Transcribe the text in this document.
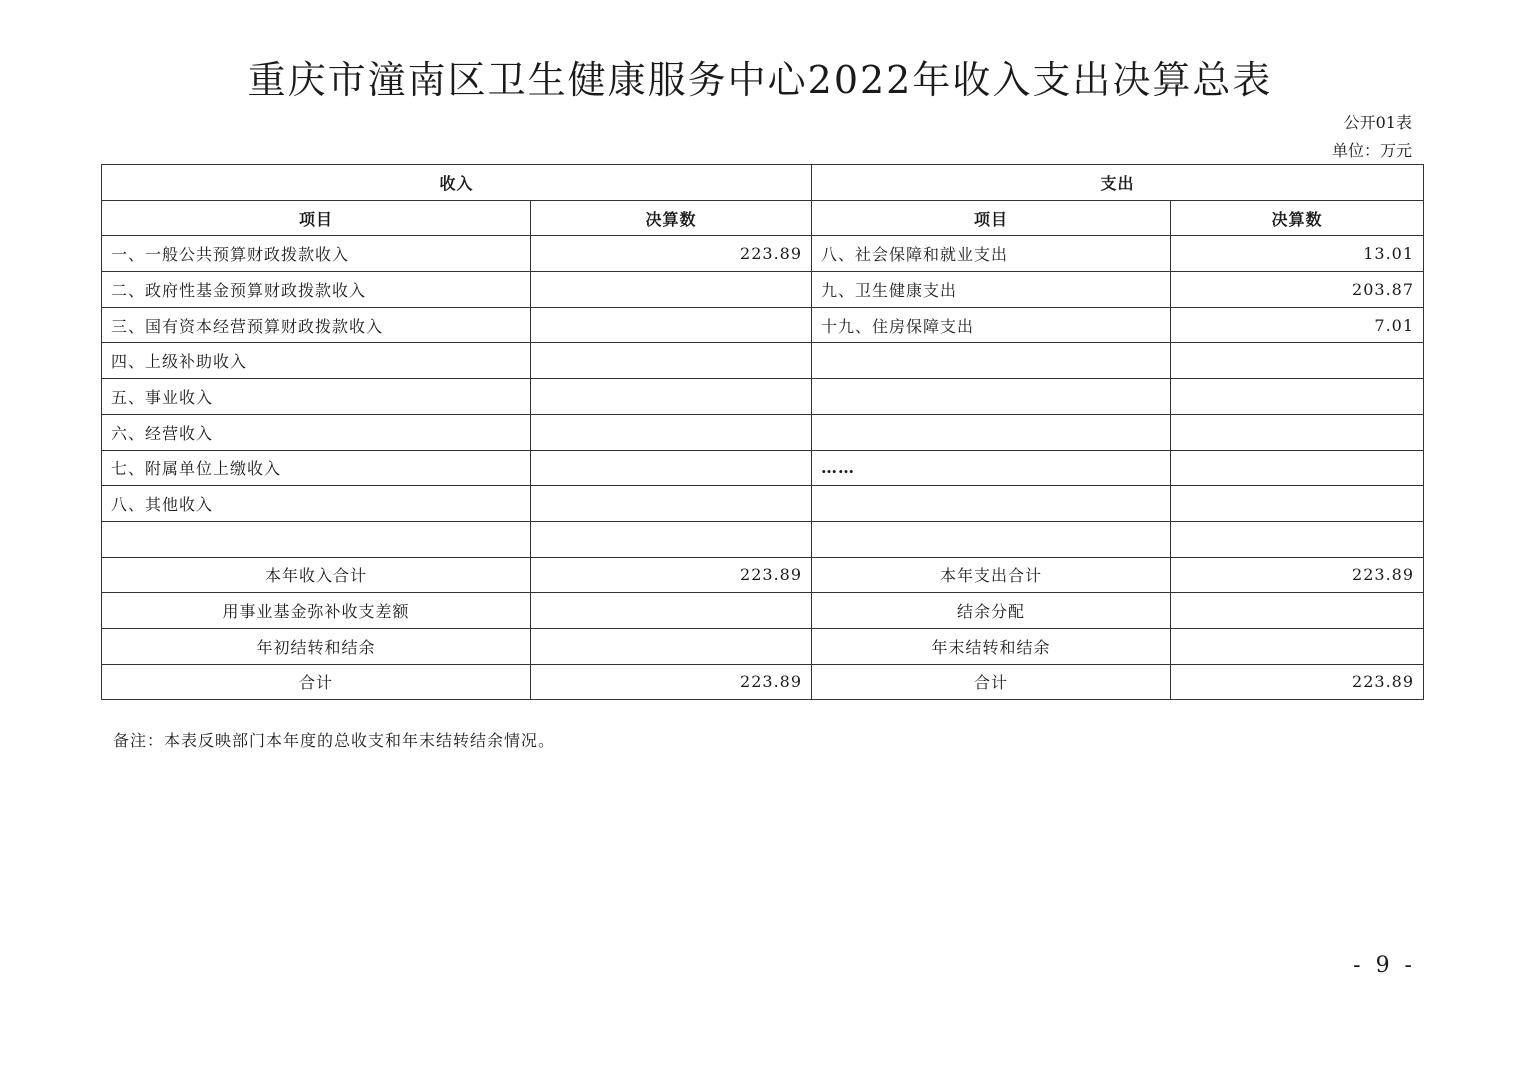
重庆市潼南区卫生健康服务中心2022年收入支出决算总表
公开01表
单位：万元
收入		支出	
项目	决算数	项目	决算数
一、一般公共预算财政拨款收入	223.89	八、社会保障和就业支出	13.01
二、政府性基金预算财政拨款收入		九、卫生健康支出	203.87
三、国有资本经营预算财政拨款收入		十九、住房保障支出	7.01
四、上级补助收入			
五、事业收入			
六、经营收入			
七、附属单位上缴收入		……	
八、其他收入			

本年收入合计	223.89	本年支出合计	223.89
用事业基金弥补收支差额		结余分配	
年初结转和结余		年末结转和结余	
合计	223.89	合计	223.89
备注：本表反映部门本年度的总收支和年末结转结余情况。
- 9 -
